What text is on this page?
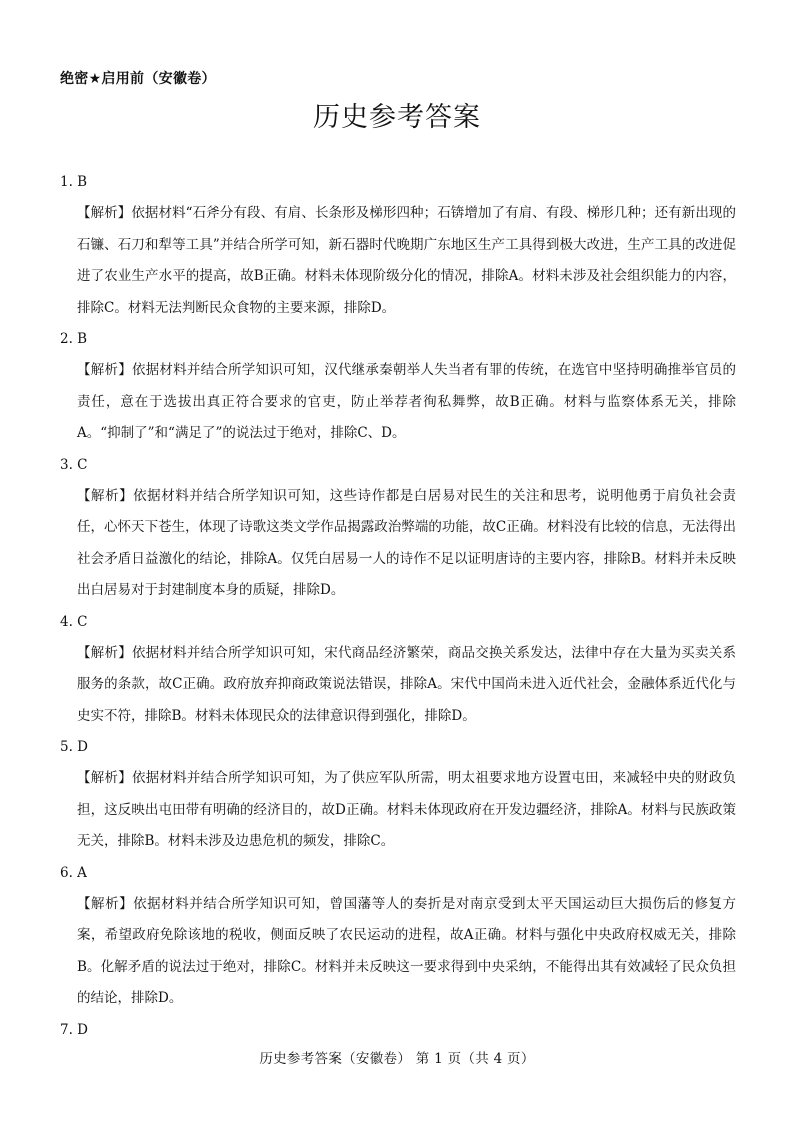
绝密★启用前（安徽卷）
历史参考答案

1. B

【解析】依据材料“石斧分有段、有肩、长条形及梯形四种；石锛增加了有肩、有段、梯形几种；还有新出现的石镰、石刀和犁等工具”并结合所学可知，新石器时代晚期广东地区生产工具得到极大改进，生产工具的改进促进了农业生产水平的提高，故B正确。材料未体现阶级分化的情况，排除A。材料未涉及社会组织能力的内容，排除C。材料无法判断民众食物的主要来源，排除D。

2. B

【解析】依据材料并结合所学知识可知，汉代继承秦朝举人失当者有罪的传统，在选官中坚持明确推举官员的责任，意在于选拔出真正符合要求的官吏，防止举荐者徇私舞弊，故B正确。材料与监察体系无关，排除A。“抑制了”和“满足了”的说法过于绝对，排除C、D。

3. C

【解析】依据材料并结合所学知识可知，这些诗作都是白居易对民生的关注和思考，说明他勇于肩负社会责任，心怀天下苍生，体现了诗歌这类文学作品揭露政治弊端的功能，故C正确。材料没有比较的信息，无法得出社会矛盾日益激化的结论，排除A。仅凭白居易一人的诗作不足以证明唐诗的主要内容，排除B。材料并未反映出白居易对于封建制度本身的质疑，排除D。

4. C

【解析】依据材料并结合所学知识可知，宋代商品经济繁荣，商品交换关系发达，法律中存在大量为买卖关系服务的条款，故C正确。政府放弃抑商政策说法错误，排除A。宋代中国尚未进入近代社会，金融体系近代化与史实不符，排除B。材料未体现民众的法律意识得到强化，排除D。

5. D

【解析】依据材料并结合所学知识可知，为了供应军队所需，明太祖要求地方设置屯田，来减轻中央的财政负担，这反映出屯田带有明确的经济目的，故D正确。材料未体现政府在开发边疆经济，排除A。材料与民族政策无关，排除B。材料未涉及边患危机的频发，排除C。

6. A

【解析】依据材料并结合所学知识可知，曾国藩等人的奏折是对南京受到太平天国运动巨大损伤后的修复方案，希望政府免除该地的税收，侧面反映了农民运动的进程，故A正确。材料与强化中央政府权威无关，排除B。化解矛盾的说法过于绝对，排除C。材料并未反映这一要求得到中央采纳，不能得出其有效减轻了民众负担的结论，排除D。

7. D

历史参考答案（安徽卷） 第 1 页（共 4 页）
